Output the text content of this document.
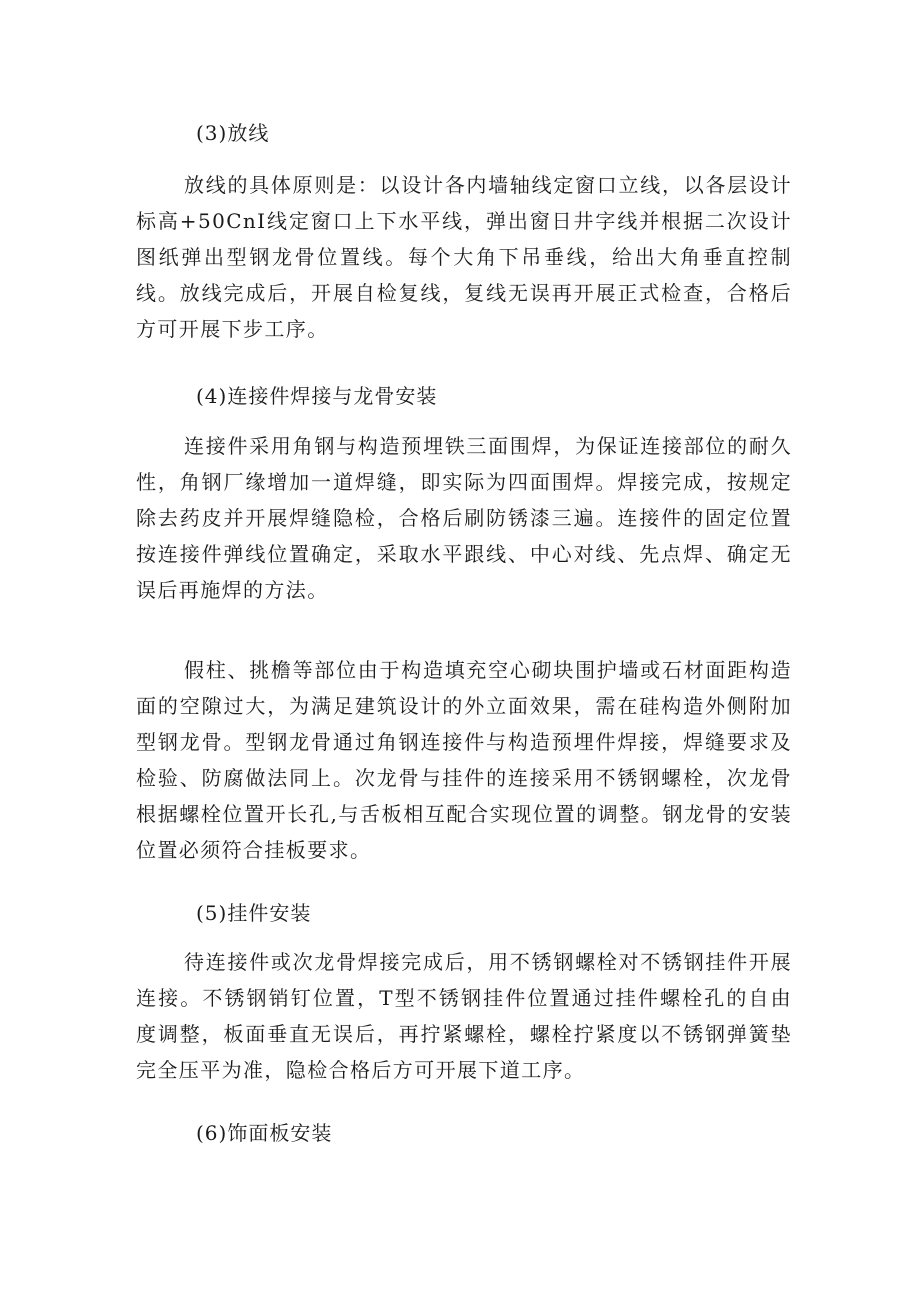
(3)放线
放线的具体原则是：以设计各内墙轴线定窗口立线，以各层设计标高+50CnI线定窗口上下水平线，弹出窗日井字线并根据二次设计图纸弹出型钢龙骨位置线。每个大角下吊垂线，给出大角垂直控制线。放线完成后，开展自检复线，复线无误再开展正式检查，合格后方可开展下步工序。
(4)连接件焊接与龙骨安装
连接件采用角钢与构造预埋铁三面围焊，为保证连接部位的耐久性，角钢厂缘增加一道焊缝，即实际为四面围焊。焊接完成，按规定除去药皮并开展焊缝隐检，合格后刷防锈漆三遍。连接件的固定位置按连接件弹线位置确定，采取水平跟线、中心对线、先点焊、确定无误后再施焊的方法。
假柱、挑檐等部位由于构造填充空心砌块围护墙或石材面距构造面的空隙过大，为满足建筑设计的外立面效果，需在硅构造外侧附加型钢龙骨。型钢龙骨通过角钢连接件与构造预埋件焊接，焊缝要求及检验、防腐做法同上。次龙骨与挂件的连接采用不锈钢螺栓，次龙骨根据螺栓位置开长孔,与舌板相互配合实现位置的调整。钢龙骨的安装位置必须符合挂板要求。
(5)挂件安装
待连接件或次龙骨焊接完成后，用不锈钢螺栓对不锈钢挂件开展连接。不锈钢销钉位置，T型不锈钢挂件位置通过挂件螺栓孔的自由度调整，板面垂直无误后，再拧紧螺栓，螺栓拧紧度以不锈钢弹簧垫完全压平为准，隐检合格后方可开展下道工序。
(6)饰面板安装
